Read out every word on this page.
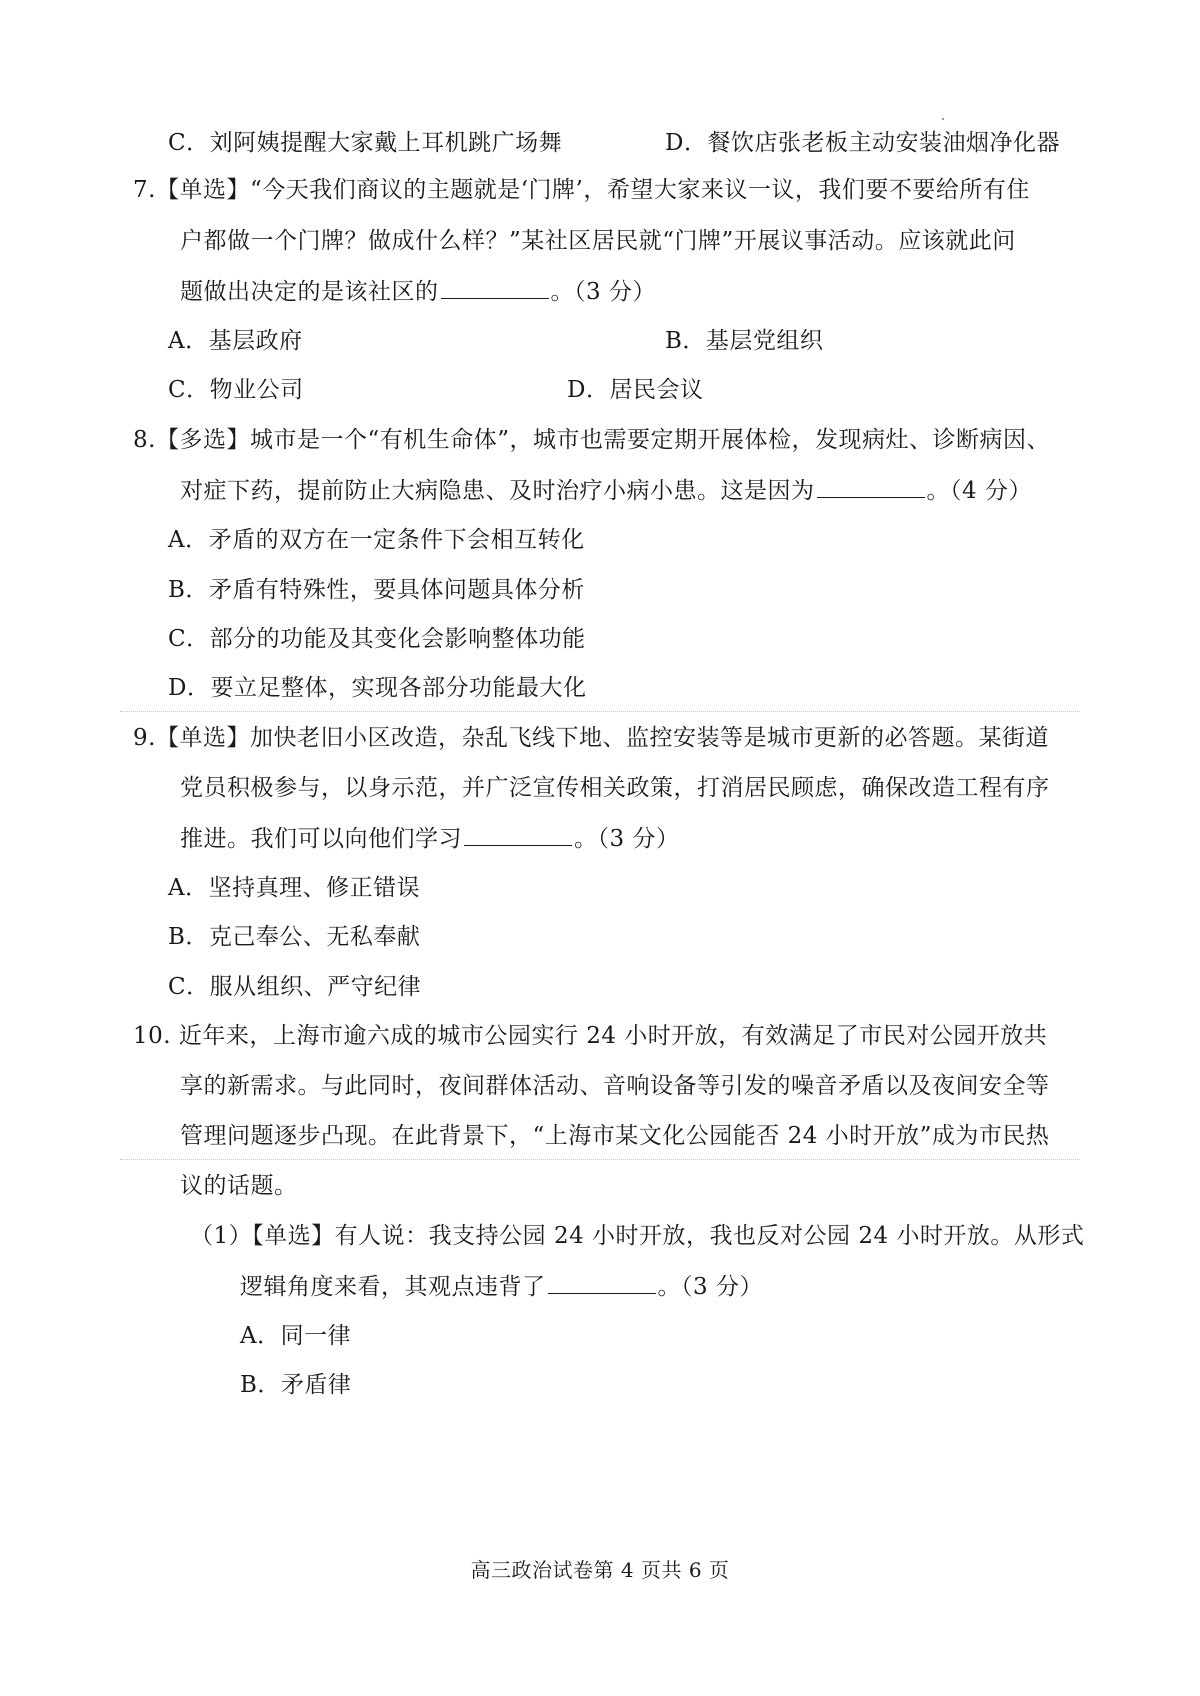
C．刘阿姨提醒大家戴上耳机跳广场舞	D．餐饮店张老板主动安装油烟净化器
7.【单选】“今天我们商议的主题就是‘门牌’，希望大家来议一议，我们要不要给所有住
户都做一个门牌？做成什么样？”某社区居民就“门牌”开展议事活动。应该就此问
题做出决定的是该社区的	。（3 分）
A．基层政府	B．基层党组织
C．物业公司	D．居民会议
8.【多选】城市是一个“有机生命体”，城市也需要定期开展体检，发现病灶、诊断病因、
对症下药，提前防止大病隐患、及时治疗小病小患。这是因为	。（4 分）
A．矛盾的双方在一定条件下会相互转化
B．矛盾有特殊性，要具体问题具体分析
C．部分的功能及其变化会影响整体功能
D．要立足整体，实现各部分功能最大化
9.【单选】加快老旧小区改造，杂乱飞线下地、监控安装等是城市更新的必答题。某街道
党员积极参与，以身示范，并广泛宣传相关政策，打消居民顾虑，确保改造工程有序
推进。我们可以向他们学习	。（3 分）
A．坚持真理、修正错误
B．克己奉公、无私奉献
C．服从组织、严守纪律
10. 近年来，上海市逾六成的城市公园实行 24 小时开放，有效满足了市民对公园开放共
享的新需求。与此同时，夜间群体活动、音响设备等引发的噪音矛盾以及夜间安全等
管理问题逐步凸现。在此背景下，“上海市某文化公园能否 24 小时开放”成为市民热
议的话题。
（1）【单选】有人说：我支持公园 24 小时开放，我也反对公园 24 小时开放。从形式
逻辑角度来看，其观点违背了	。（3 分）
A．同一律
B．矛盾律
高三政治试卷第 4 页共 6 页
